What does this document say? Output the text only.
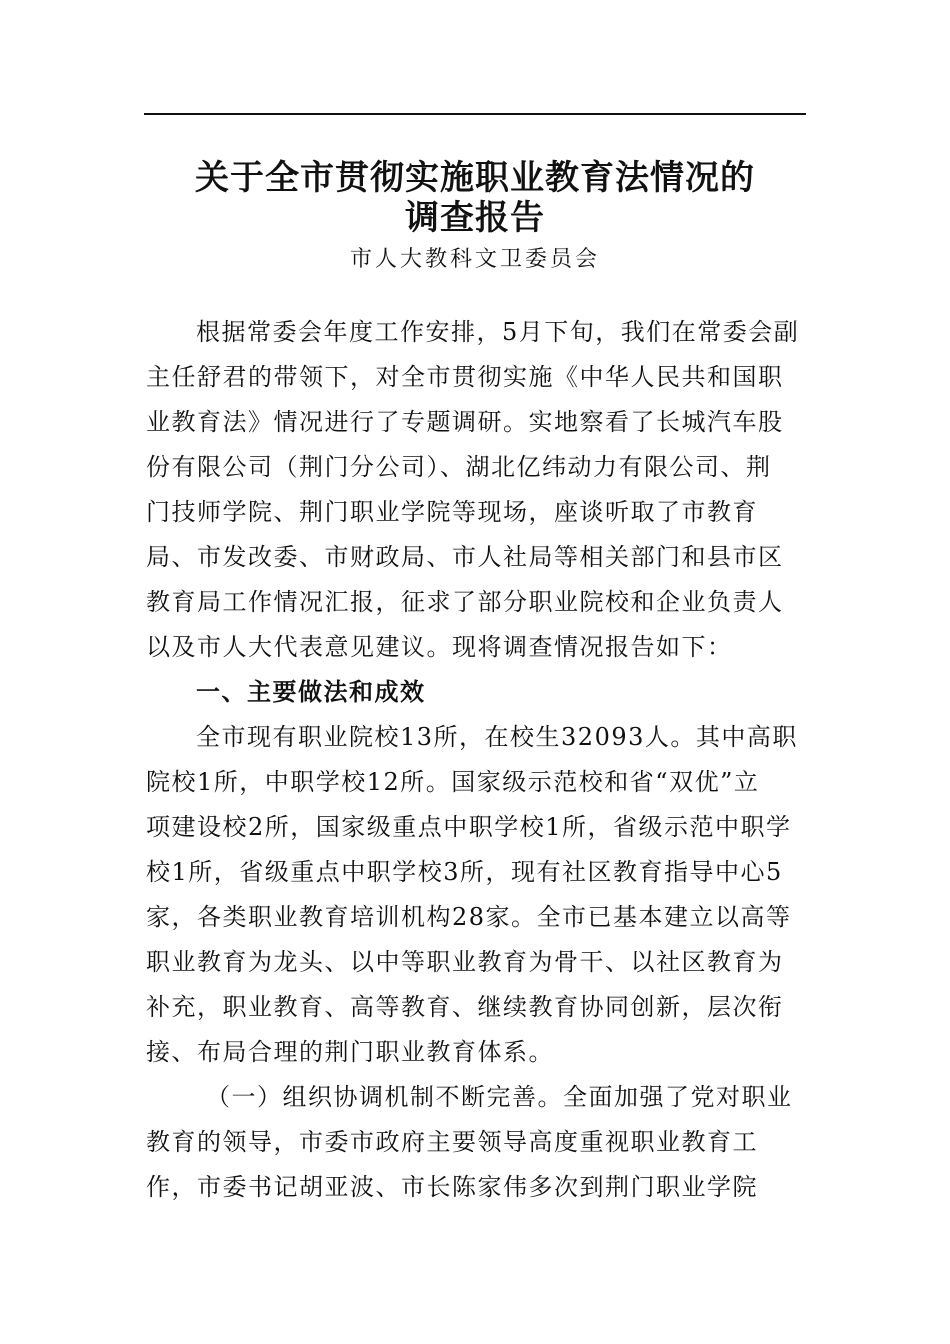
关于全市贯彻实施职业教育法情况的
调查报告
市人大教科文卫委员会
根据常委会年度工作安排，5月下旬，我们在常委会副
主任舒君的带领下，对全市贯彻实施《中华人民共和国职
业教育法》情况进行了专题调研。实地察看了长城汽车股
份有限公司（荆门分公司）、湖北亿纬动力有限公司、荆
门技师学院、荆门职业学院等现场，座谈听取了市教育
局、市发改委、市财政局、市人社局等相关部门和县市区
教育局工作情况汇报，征求了部分职业院校和企业负责人
以及市人大代表意见建议。现将调查情况报告如下：
一、主要做法和成效
全市现有职业院校13所，在校生32093人。其中高职
院校1所，中职学校12所。国家级示范校和省“双优”立
项建设校2所，国家级重点中职学校1所，省级示范中职学
校1所，省级重点中职学校3所，现有社区教育指导中心5
家，各类职业教育培训机构28家。全市已基本建立以高等
职业教育为龙头、以中等职业教育为骨干、以社区教育为
补充，职业教育、高等教育、继续教育协同创新，层次衔
接、布局合理的荆门职业教育体系。
（一）组织协调机制不断完善。全面加强了党对职业
教育的领导，市委市政府主要领导高度重视职业教育工
作，市委书记胡亚波、市长陈家伟多次到荆门职业学院
